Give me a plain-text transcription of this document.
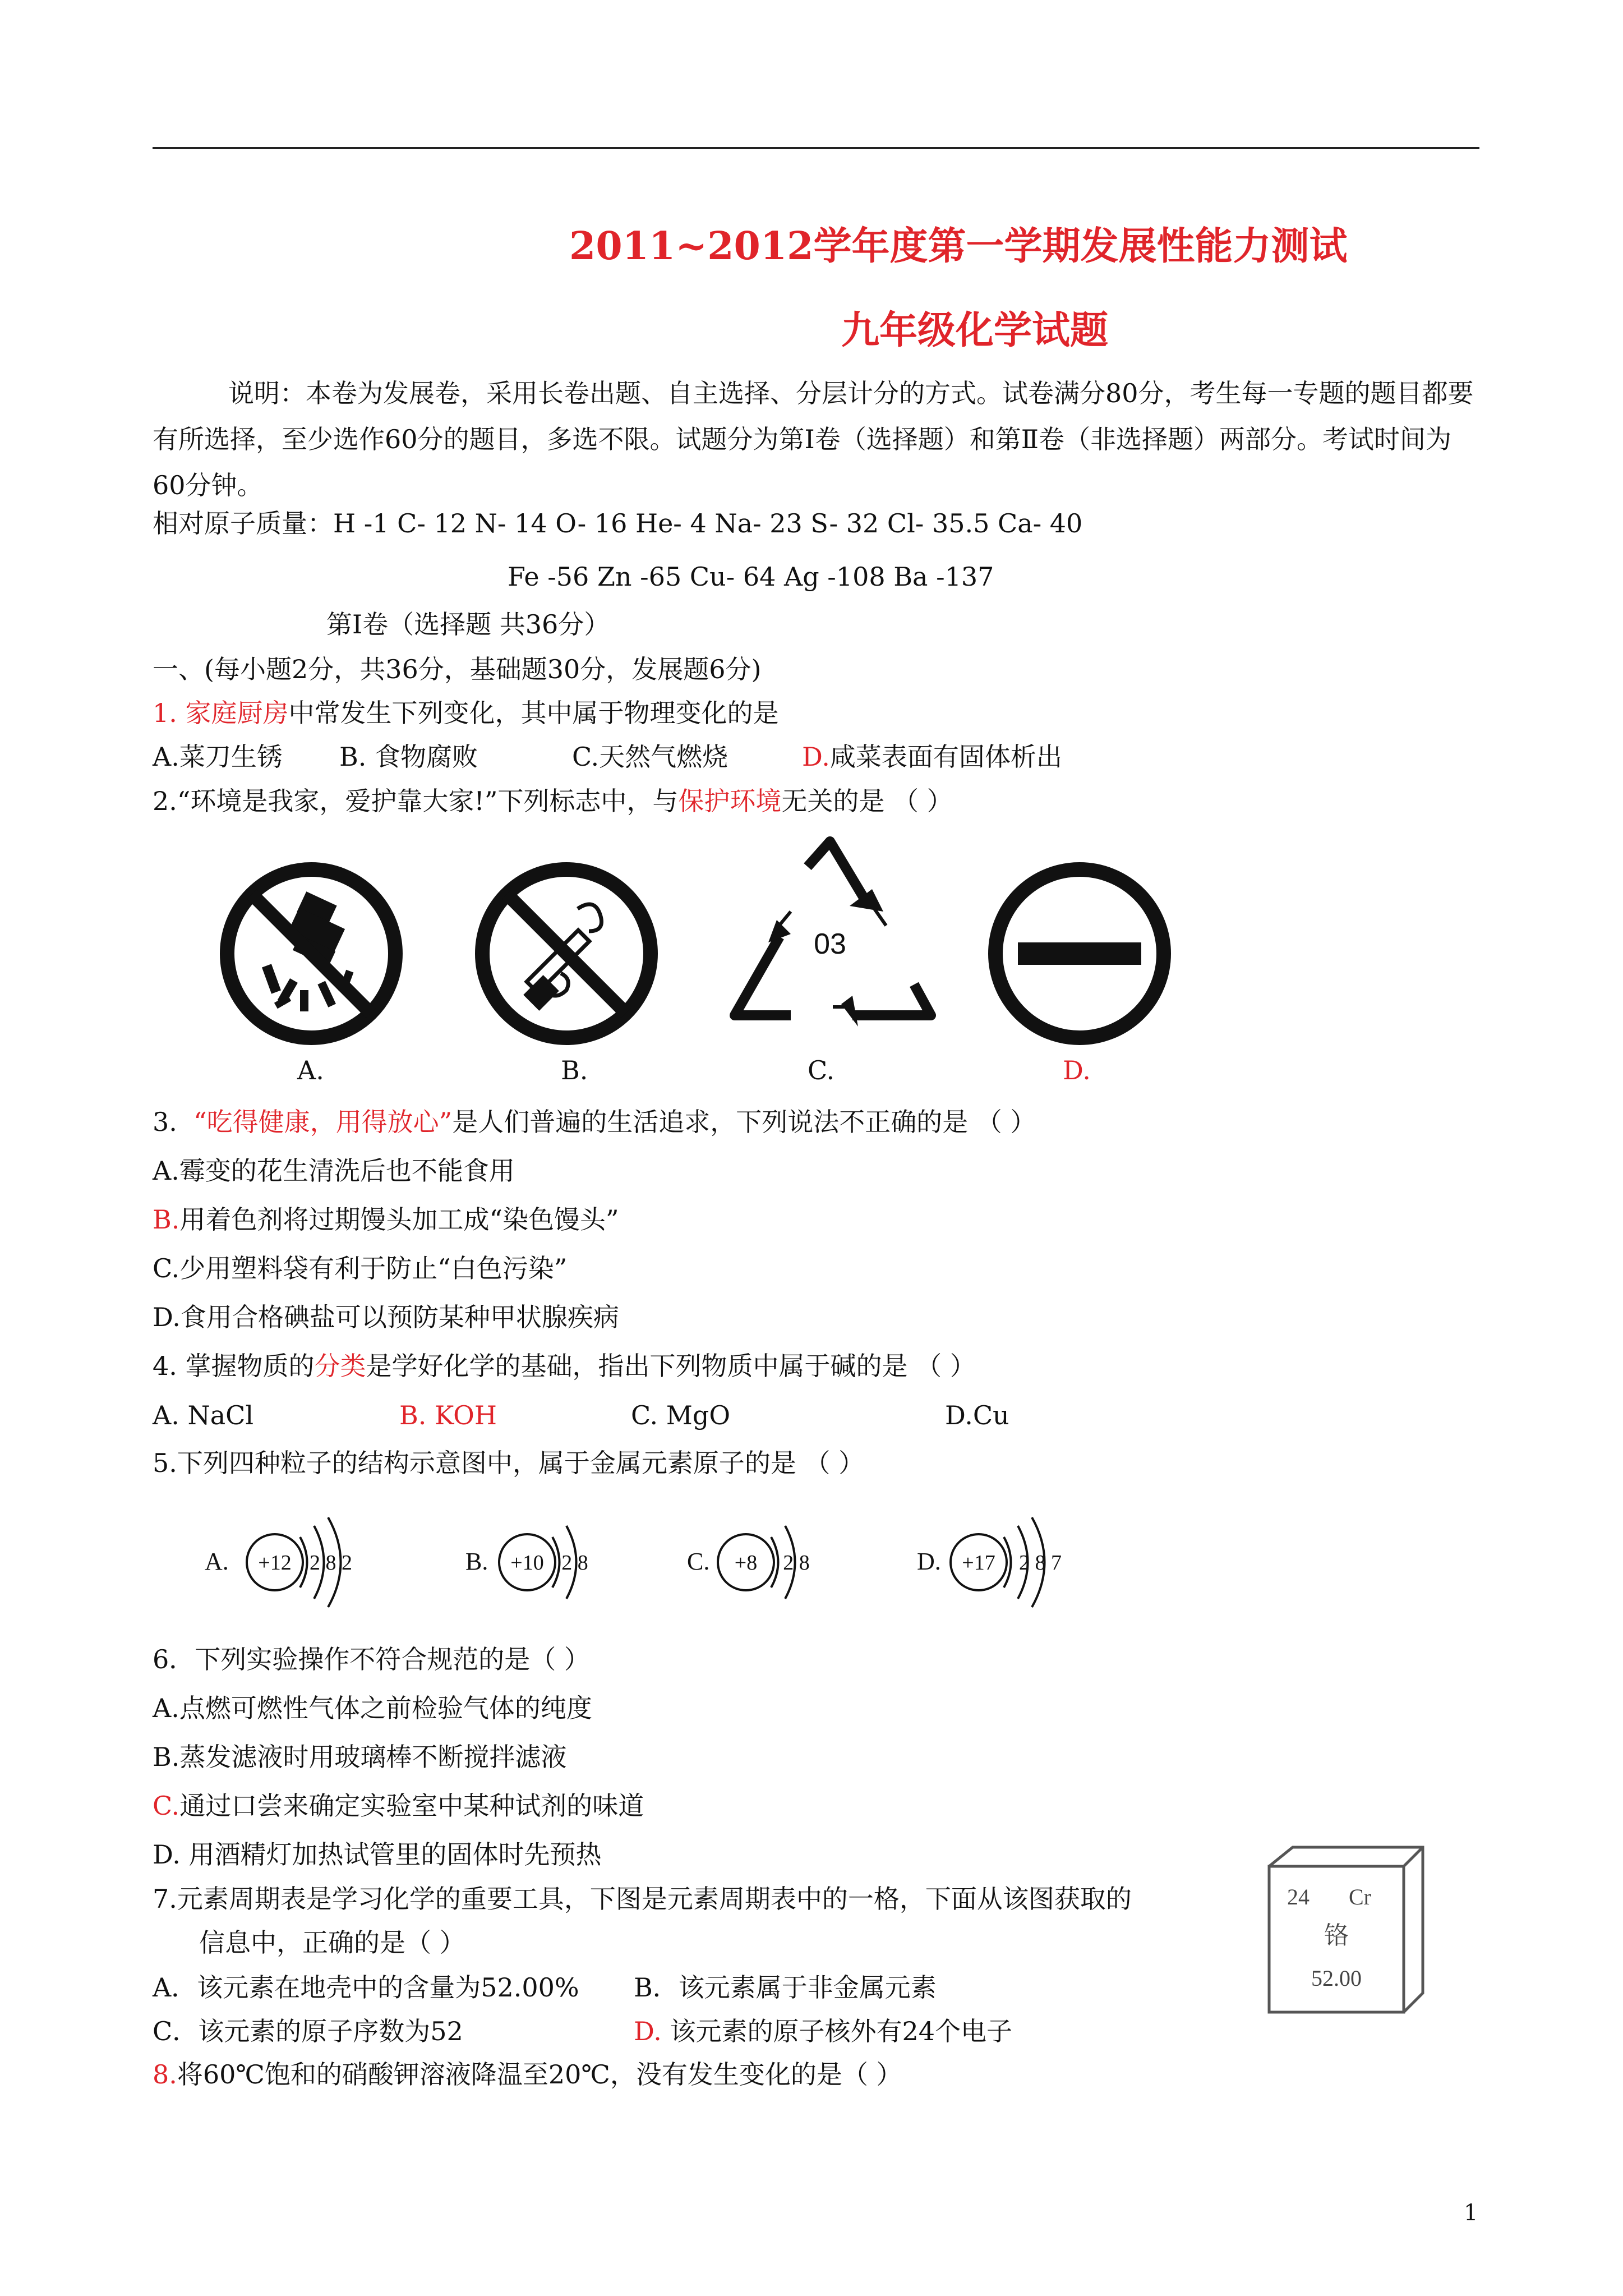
2011~2012学年度第一学期发展性能力测试
九年级化学试题
说明：本卷为发展卷，采用长卷出题、自主选择、分层计分的方式。试卷满分80分，考生每一专题的题目都要有所选择，至少选作60分的题目，多选不限。试题分为第Ⅰ卷（选择题）和第Ⅱ卷（非选择题）两部分。考试时间为60分钟。
相对原子质量：H -1 C- 12 N- 14 O- 16 He- 4 Na- 23 S- 32 Cl- 35.5 Ca- 40
Fe -56 Zn -65 Cu- 64 Ag -108 Ba -137
第Ⅰ卷（选择题 共36分）
一、(每小题2分，共36分，基础题30分，发展题6分)
1. 家庭厨房中常发生下列变化，其中属于物理变化的是
A.菜刀生锈 B. 食物腐败	C.天然气燃烧	D.咸菜表面有固体析出
2.“环境是我家，爱护靠大家!”下列标志中，与保护环境无关的是 （ ）
03
A.	B.	C.	D.
3. “吃得健康，用得放心”是人们普遍的生活追求，下列说法不正确的是 （ ）
A.霉变的花生清洗后也不能食用
B.用着色剂将过期馒头加工成“染色馒头”
C.少用塑料袋有利于防止“白色污染”
D.食用合格碘盐可以预防某种甲状腺疾病
4. 掌握物质的分类是学好化学的基础，指出下列物质中属于碱的是 （ ）
A. NaCl	B. KOH	C. MgO	D.Cu
5.下列四种粒子的结构示意图中，属于金属元素原子的是 （ ）
A. +12 2 8 2	B. +10 2 8	C. +8 2 8	D. +17 2 8 7
6．下列实验操作不符合规范的是（ ）
A.点燃可燃性气体之前检验气体的纯度
B.蒸发滤液时用玻璃棒不断搅拌滤液
C.通过口尝来确定实验室中某种试剂的味道
D. 用酒精灯加热试管里的固体时先预热
7.元素周期表是学习化学的重要工具，下图是元素周期表中的一格，下面从该图获取的
信息中，正确的是（ ）
A．该元素在地壳中的含量为52.00% B．该元素属于非金属元素
C．该元素的原子序数为52	D. 该元素的原子核外有24个电子
24 Cr
铬
52.00
8.将60℃饱和的硝酸钾溶液降温至20℃，没有发生变化的是（ ）
1
